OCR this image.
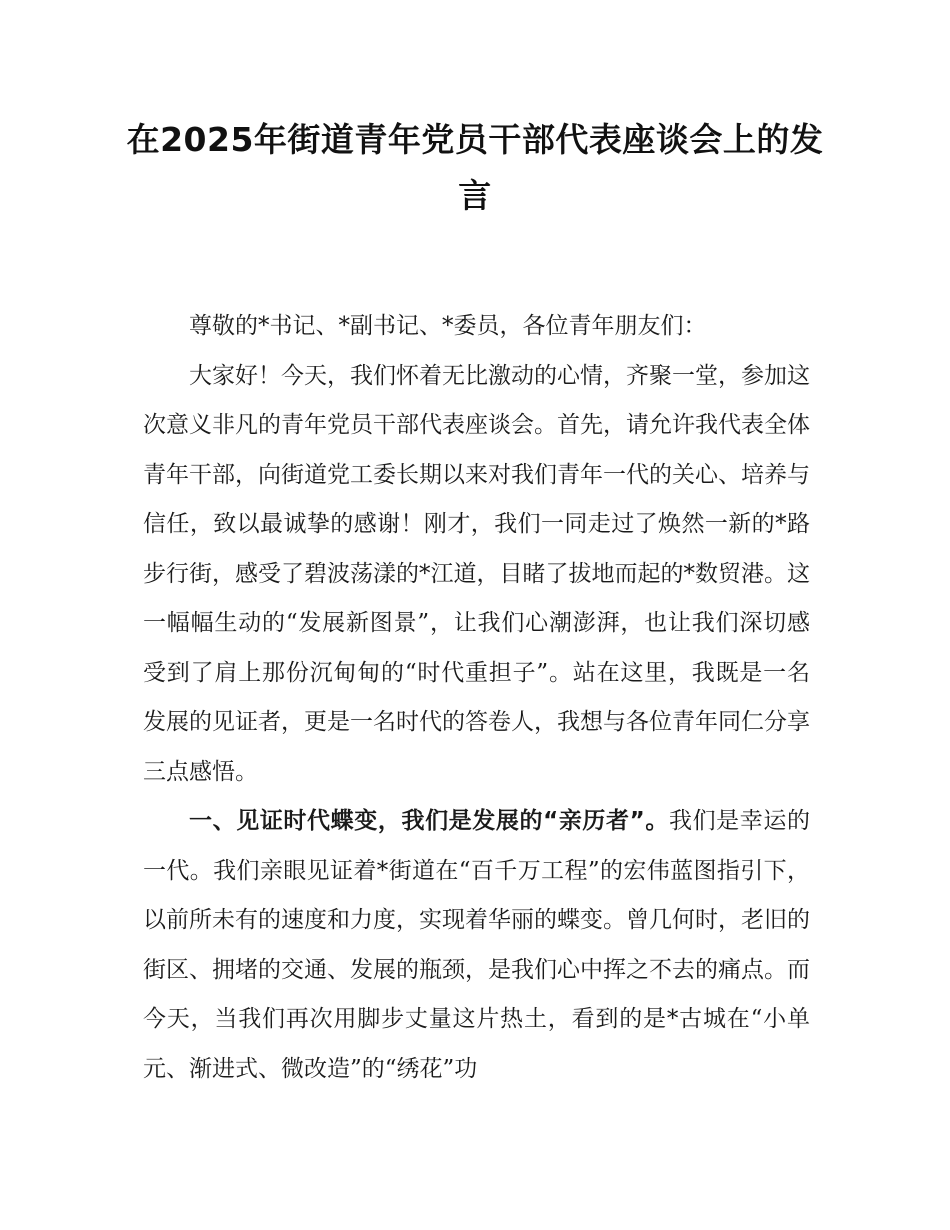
在2025年街道青年党员干部代表座谈会上的发言

尊敬的*书记、*副书记、*委员，各位青年朋友们：

大家好！今天，我们怀着无比激动的心情，齐聚一堂，参加这次意义非凡的青年党员干部代表座谈会。首先，请允许我代表全体青年干部，向街道党工委长期以来对我们青年一代的关心、培养与信任，致以最诚挚的感谢！刚才，我们一同走过了焕然一新的*路步行街，感受了碧波荡漾的*江道，目睹了拔地而起的*数贸港。这一幅幅生动的“发展新图景”，让我们心潮澎湃，也让我们深切感受到了肩上那份沉甸甸的“时代重担子”。站在这里，我既是一名发展的见证者，更是一名时代的答卷人，我想与各位青年同仁分享三点感悟。

一、见证时代蝶变，我们是发展的“亲历者”。我们是幸运的一代。我们亲眼见证着*街道在“百千万工程”的宏伟蓝图指引下，以前所未有的速度和力度，实现着华丽的蝶变。曾几何时，老旧的街区、拥堵的交通、发展的瓶颈，是我们心中挥之不去的痛点。而今天，当我们再次用脚步丈量这片热土，看到的是*古城在“小单元、渐进式、微改造”的“绣花”功
